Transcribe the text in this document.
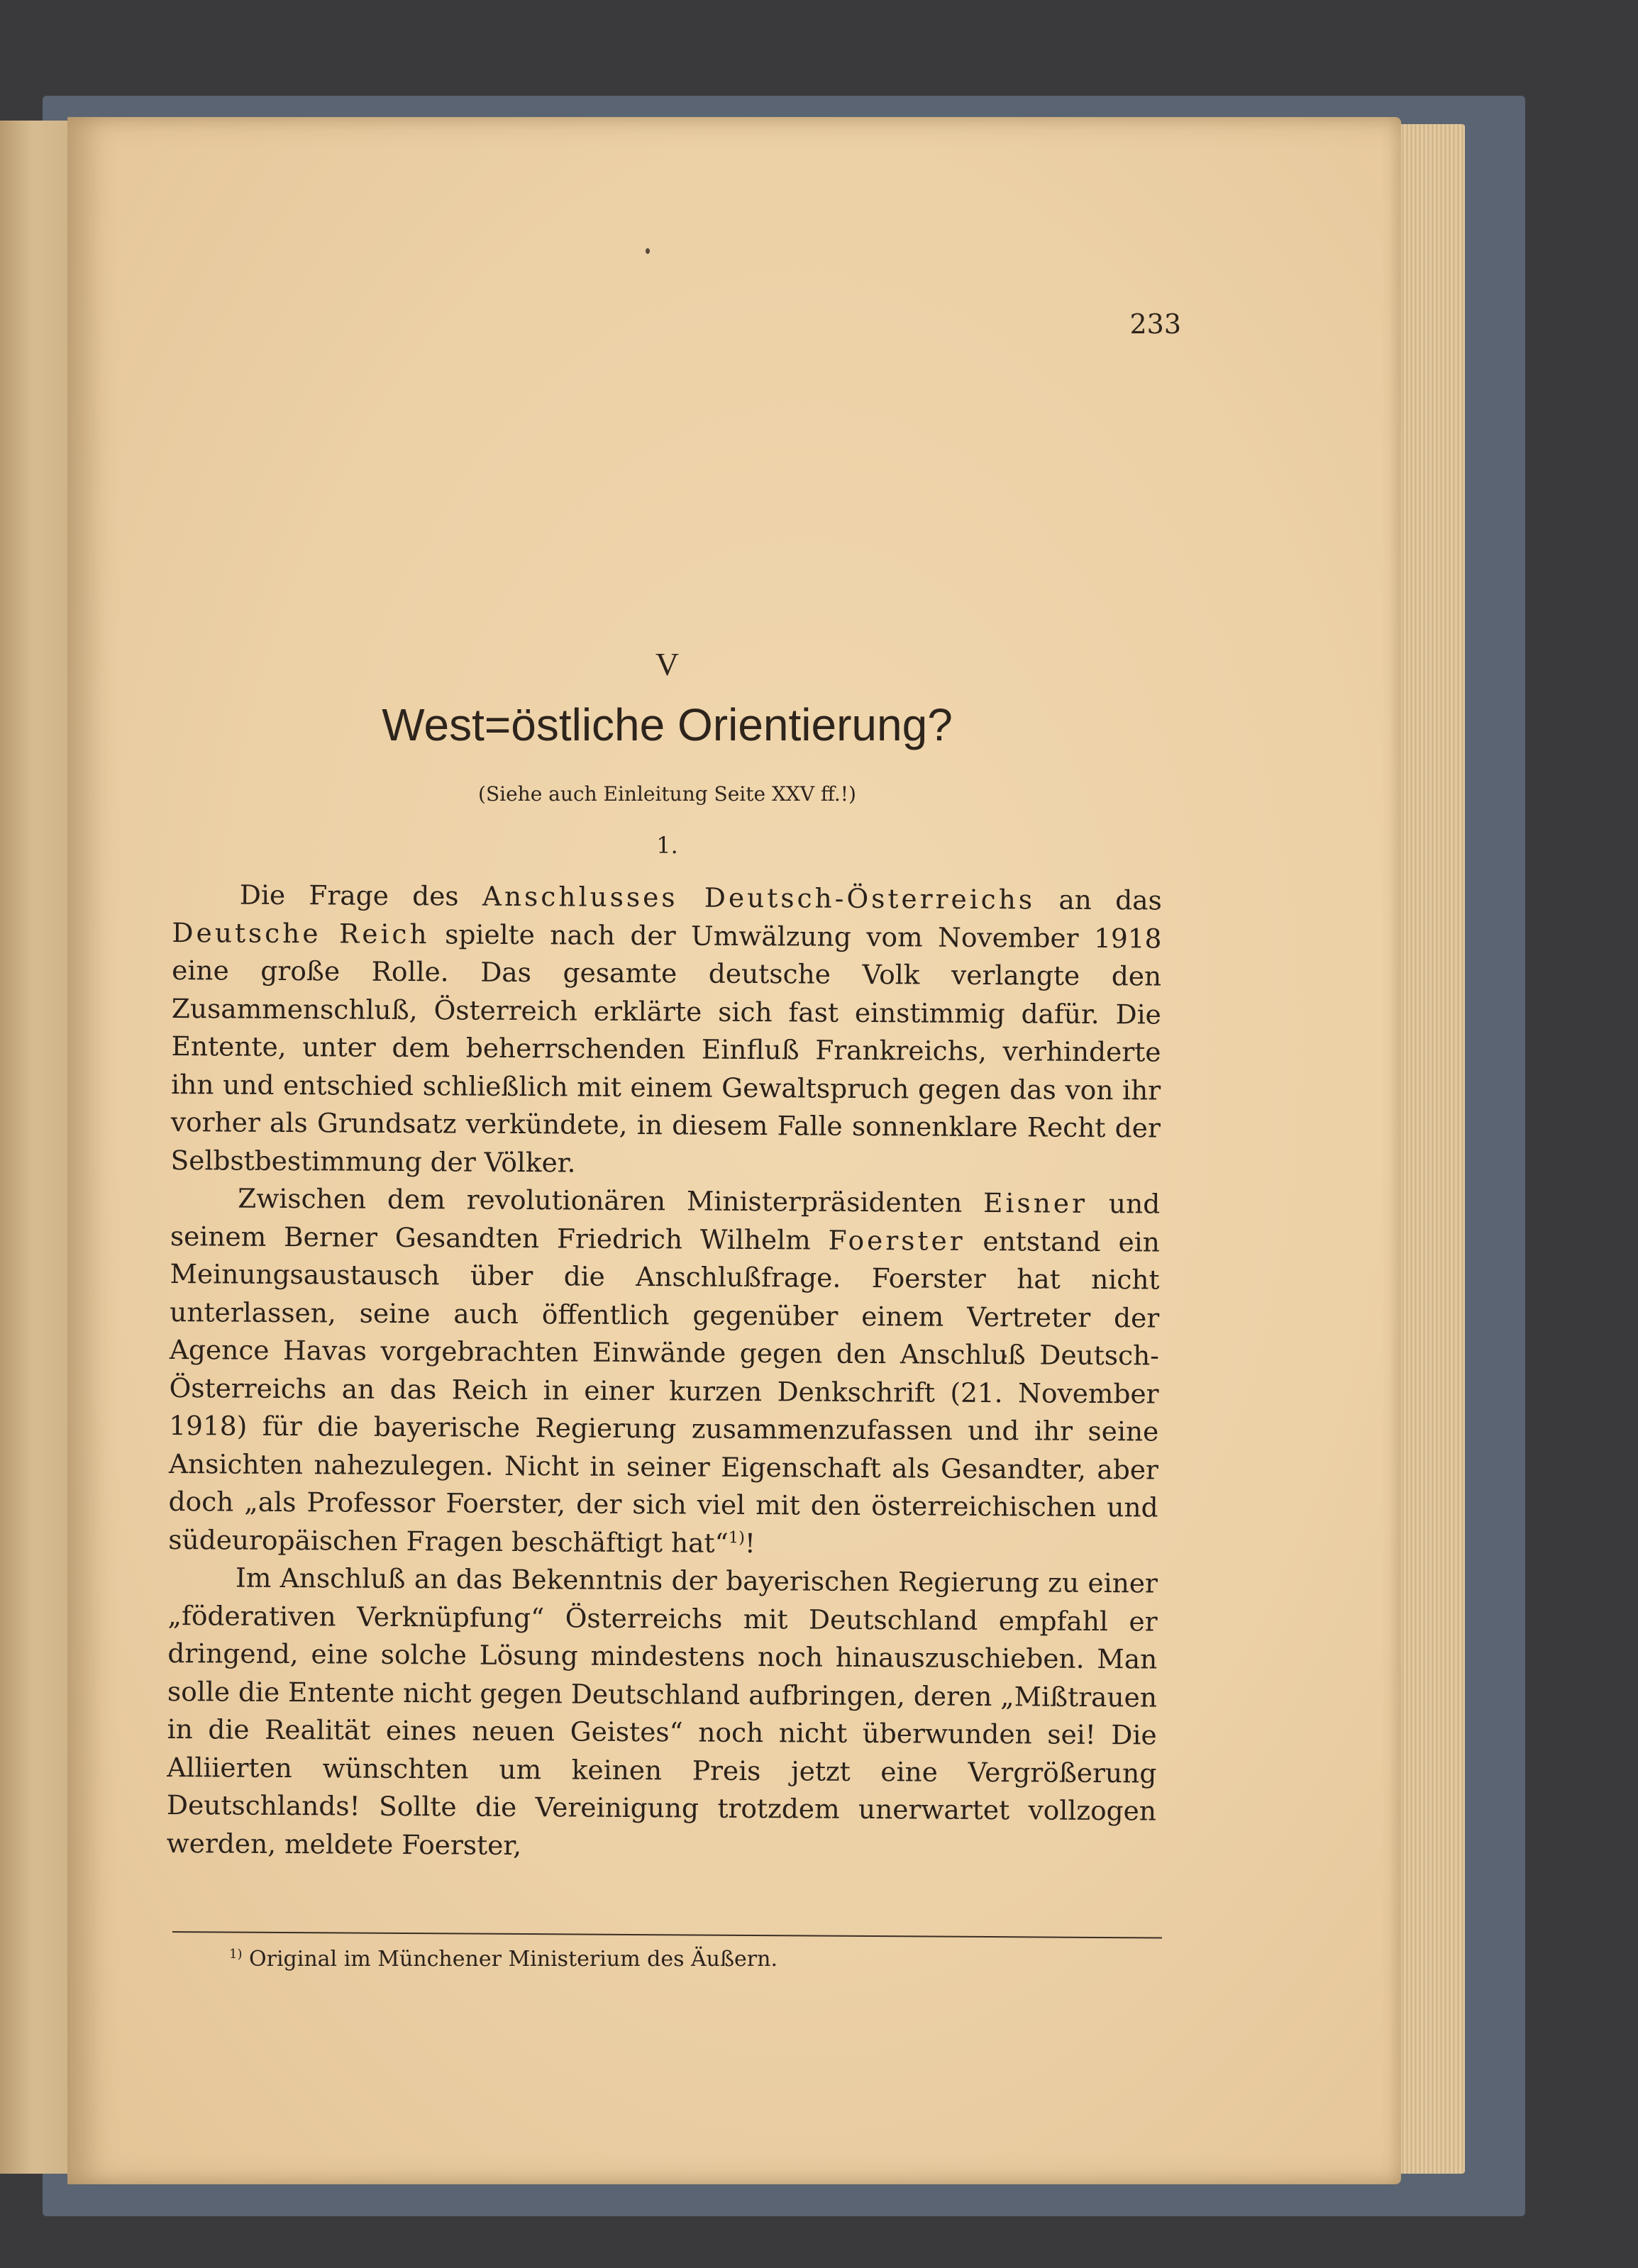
233
V
West=östliche Orientierung?
(Siehe auch Einleitung Seite XXV ff.!)
1.

Die Frage des Anschlusses Deutsch-Österreichs an das Deutsche Reich spielte nach der Umwälzung vom November 1918 eine große Rolle. Das gesamte deutsche Volk verlangte den Zusammenschluß, Österreich erklärte sich fast einstimmig dafür. Die Entente, unter dem beherrschenden Einfluß Frankreichs, verhinderte ihn und entschied schließlich mit einem Gewaltspruch gegen das von ihr vorher als Grundsatz verkündete, in diesem Falle sonnenklare Recht der Selbstbestimmung der Völker.

Zwischen dem revolutionären Ministerpräsidenten Eisner und seinem Berner Gesandten Friedrich Wilhelm Foerster entstand ein Meinungsaustausch über die Anschlußfrage. Foerster hat nicht unterlassen, seine auch öffentlich gegenüber einem Vertreter der Agence Havas vorgebrachten Einwände gegen den Anschluß Deutsch-Österreichs an das Reich in einer kurzen Denkschrift (21. November 1918) für die bayerische Regierung zusammenzufassen und ihr seine Ansichten nahezulegen. Nicht in seiner Eigenschaft als Gesandter, aber doch „als Professor Foerster, der sich viel mit den österreichischen und südeuropäischen Fragen beschäftigt hat“$^{1)}$!

Im Anschluß an das Bekenntnis der bayerischen Regierung zu einer „föderativen Verknüpfung“ Österreichs mit Deutschland empfahl er dringend, eine solche Lösung mindestens noch hinauszuschieben. Man solle die Entente nicht gegen Deutschland aufbringen, deren „Mißtrauen in die Realität eines neuen Geistes“ noch nicht überwunden sei! Die Alliierten wünschten um keinen Preis jetzt eine Vergrößerung Deutschlands! Sollte die Vereinigung trotzdem unerwartet vollzogen werden, meldete Foerster,

$^{1)}$ Original im Münchener Ministerium des Äußern.
